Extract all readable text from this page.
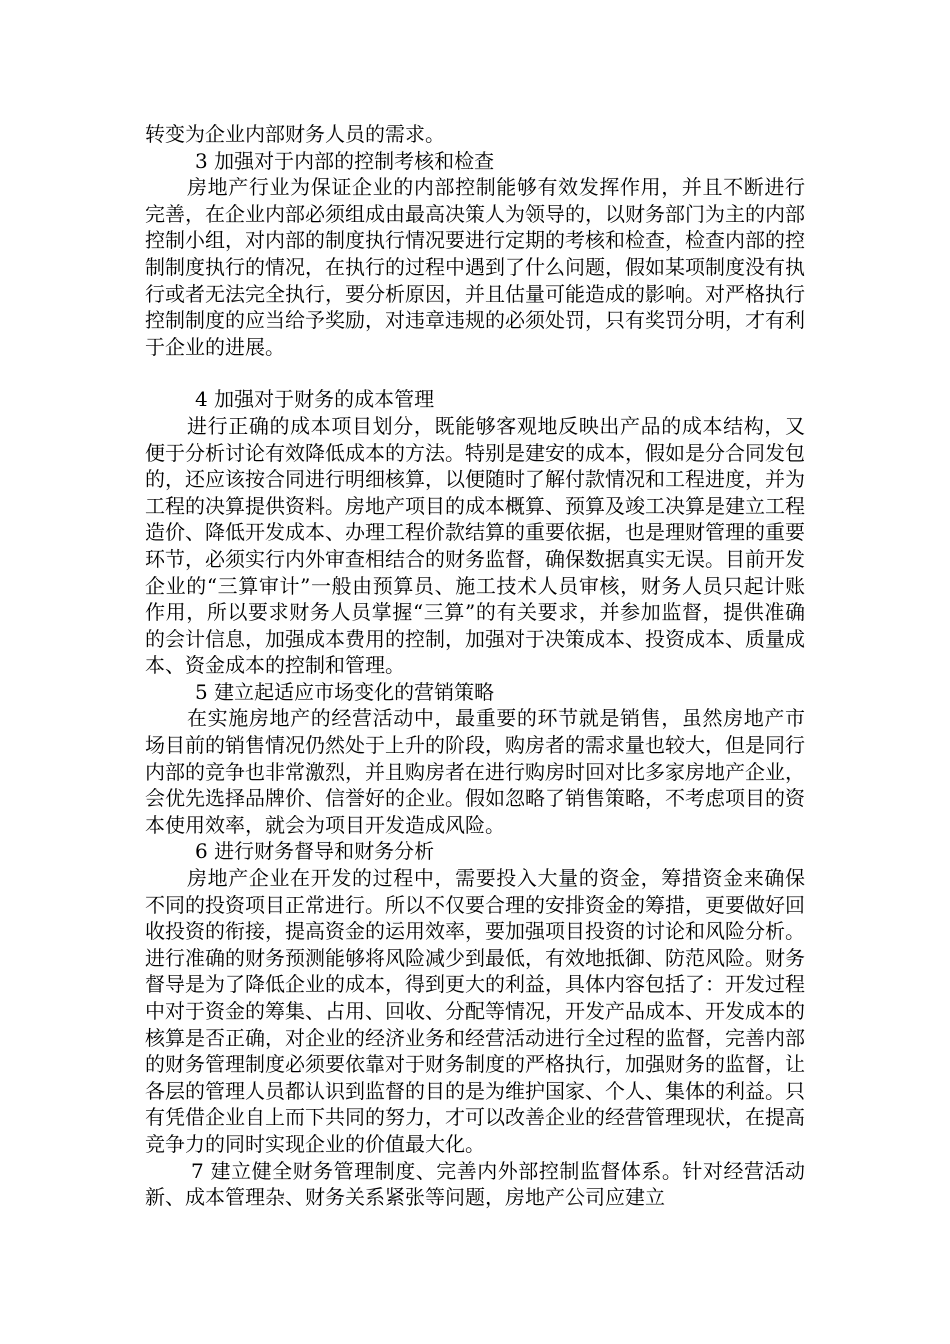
转变为企业内部财务人员的需求。

3 加强对于内部的控制考核和检查

房地产行业为保证企业的内部控制能够有效发挥作用，并且不断进行完善，在企业内部必须组成由最高决策人为领导的，以财务部门为主的内部控制小组，对内部的制度执行情况要进行定期的考核和检查，检查内部的控制制度执行的情况，在执行的过程中遇到了什么问题，假如某项制度没有执行或者无法完全执行，要分析原因，并且估量可能造成的影响。对严格执行控制制度的应当给予奖励，对违章违规的必须处罚，只有奖罚分明，才有利于企业的进展。

4 加强对于财务的成本管理

进行正确的成本项目划分，既能够客观地反映出产品的成本结构，又便于分析讨论有效降低成本的方法。特别是建安的成本，假如是分合同发包的，还应该按合同进行明细核算，以便随时了解付款情况和工程进度，并为工程的决算提供资料。房地产项目的成本概算、预算及竣工决算是建立工程造价、降低开发成本、办理工程价款结算的重要依据，也是理财管理的重要环节，必须实行内外审查相结合的财务监督，确保数据真实无误。目前开发企业的“三算审计”一般由预算员、施工技术人员审核，财务人员只起计账作用，所以要求财务人员掌握“三算”的有关要求，并参加监督，提供准确的会计信息，加强成本费用的控制，加强对于决策成本、投资成本、质量成本、资金成本的控制和管理。

5 建立起适应市场变化的营销策略

在实施房地产的经营活动中，最重要的环节就是销售，虽然房地产市场目前的销售情况仍然处于上升的阶段，购房者的需求量也较大，但是同行内部的竞争也非常激烈，并且购房者在进行购房时回对比多家房地产企业，会优先选择品牌价、信誉好的企业。假如忽略了销售策略，不考虑项目的资本使用效率，就会为项目开发造成风险。

6 进行财务督导和财务分析

房地产企业在开发的过程中，需要投入大量的资金，筹措资金来确保不同的投资项目正常进行。所以不仅要合理的安排资金的筹措，更要做好回收投资的衔接，提高资金的运用效率，要加强项目投资的讨论和风险分析。进行准确的财务预测能够将风险减少到最低，有效地抵御、防范风险。财务督导是为了降低企业的成本，得到更大的利益，具体内容包括了：开发过程中对于资金的筹集、占用、回收、分配等情况，开发产品成本、开发成本的核算是否正确，对企业的经济业务和经营活动进行全过程的监督，完善内部的财务管理制度必须要依靠对于财务制度的严格执行，加强财务的监督，让各层的管理人员都认识到监督的目的是为维护国家、个人、集体的利益。只有凭借企业自上而下共同的努力，才可以改善企业的经营管理现状，在提高竞争力的同时实现企业的价值最大化。

7 建立健全财务管理制度、完善内外部控制监督体系。针对经营活动新、成本管理杂、财务关系紧张等问题，房地产公司应建立
